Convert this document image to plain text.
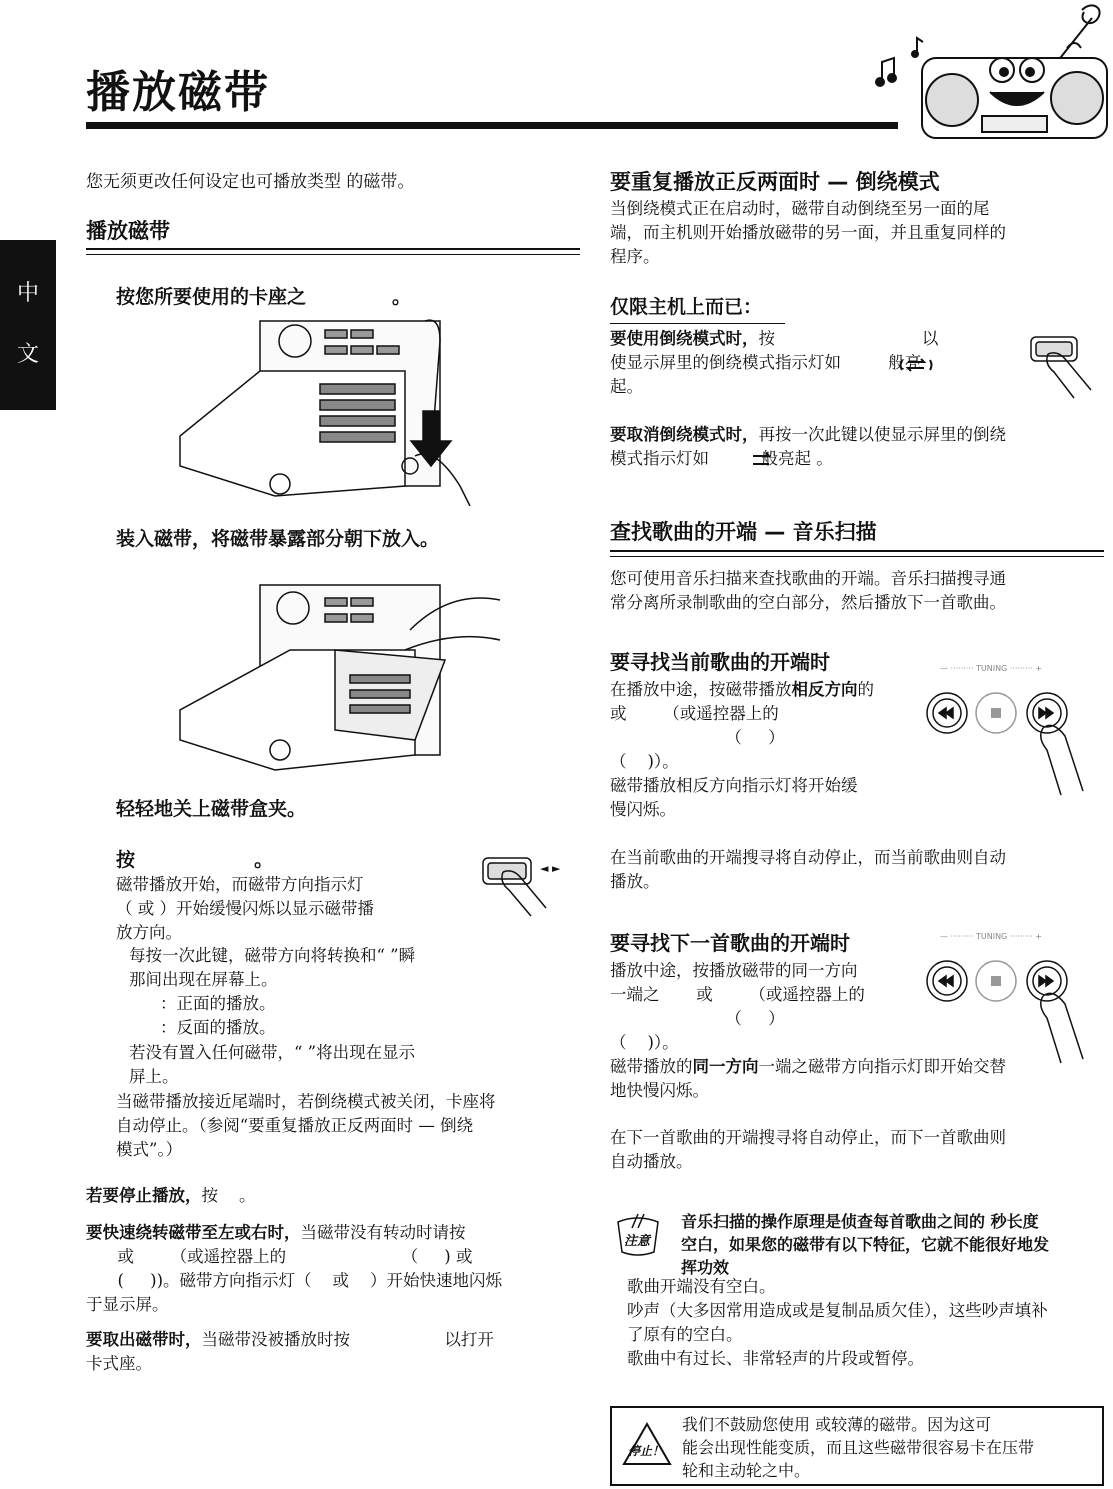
播放磁带
中
文
您无须更改任何设定也可播放类型 的磁带。
播放磁带
按您所要使用的卡座之             。
装入磁带，将磁带暴露部分朝下放入。
轻轻地关上磁带盒夹。
按                  。	◄ ►
磁带播放开始，而磁带方向指示灯
（ 或 ）开始缓慢闪烁以显示磁带播
放方向。
每按一次此键，磁带方向将转换和“ ”瞬
那间出现在屏幕上。
：正面的播放。
：反面的播放。
若没有置入任何磁带，“ ”将出现在显示
屏上。
当磁带播放接近尾端时，若倒绕模式被关闭，卡座将
自动停止。（参阅“要重复播放正反两面时 — 倒绕
模式”。）
若要停止播放，按    。
要快速绕转磁带至左或右时，当磁带没有转动时请按
或       （或遥控器上的                      （     ) 或
(     ))。磁带方向指示灯（    或    ）开始快速地闪烁
于显示屏。
要取出磁带时，当磁带没被播放时按                  以打开
卡式座。
要重复播放正反两面时 — 倒绕模式
当倒绕模式正在启动时，磁带自动倒绕至另一面的尾
端，而主机则开始播放磁带的另一面，并且重复同样的
程序。
仅限主机上而已：
要使用倒绕模式时，按                            以
使显示屏里的倒绕模式指示灯如         般亮
起。
要取消倒绕模式时，再按一次此键以使显示屏里的倒绕
模式指示灯如          般亮起 。
查找歌曲的开端 — 音乐扫描
您可使用音乐扫描来查找歌曲的开端。音乐扫描搜寻通
常分离所录制歌曲的空白部分，然后播放下一首歌曲。
要寻找当前歌曲的开端时
在播放中途，按磁带播放相反方向的      或       （或遥控器上的
（     ）
（    )）。
磁带播放相反方向指示灯将开始缓
慢闪烁。
— ········· TUNING ········· +
在当前歌曲的开端搜寻将自动停止，而当前歌曲则自动
播放。
要寻找下一首歌曲的开端时
播放中途，按播放磁带的同一方向
一端之       或       （或遥控器上的
（     ）
（    )）。
— ········· TUNING ········· +
磁带播放的同一方向一端之磁带方向指示灯即开始交替
地快慢闪烁。
在下一首歌曲的开端搜寻将自动停止，而下一首歌曲则
自动播放。
注意
音乐扫描的操作原理是侦查每首歌曲之间的 秒长度
空白，如果您的磁带有以下特征，它就不能很好地发
挥功效
歌曲开端没有空白。
吵声（大多因常用造成或是复制品质欠佳），这些吵声填补
了原有的空白。
歌曲中有过长、非常轻声的片段或暂停。
停止！
我们不鼓励您使用 或较薄的磁带。因为这可
能会出现性能变质，而且这些磁带很容易卡在压带
轮和主动轮之中。
